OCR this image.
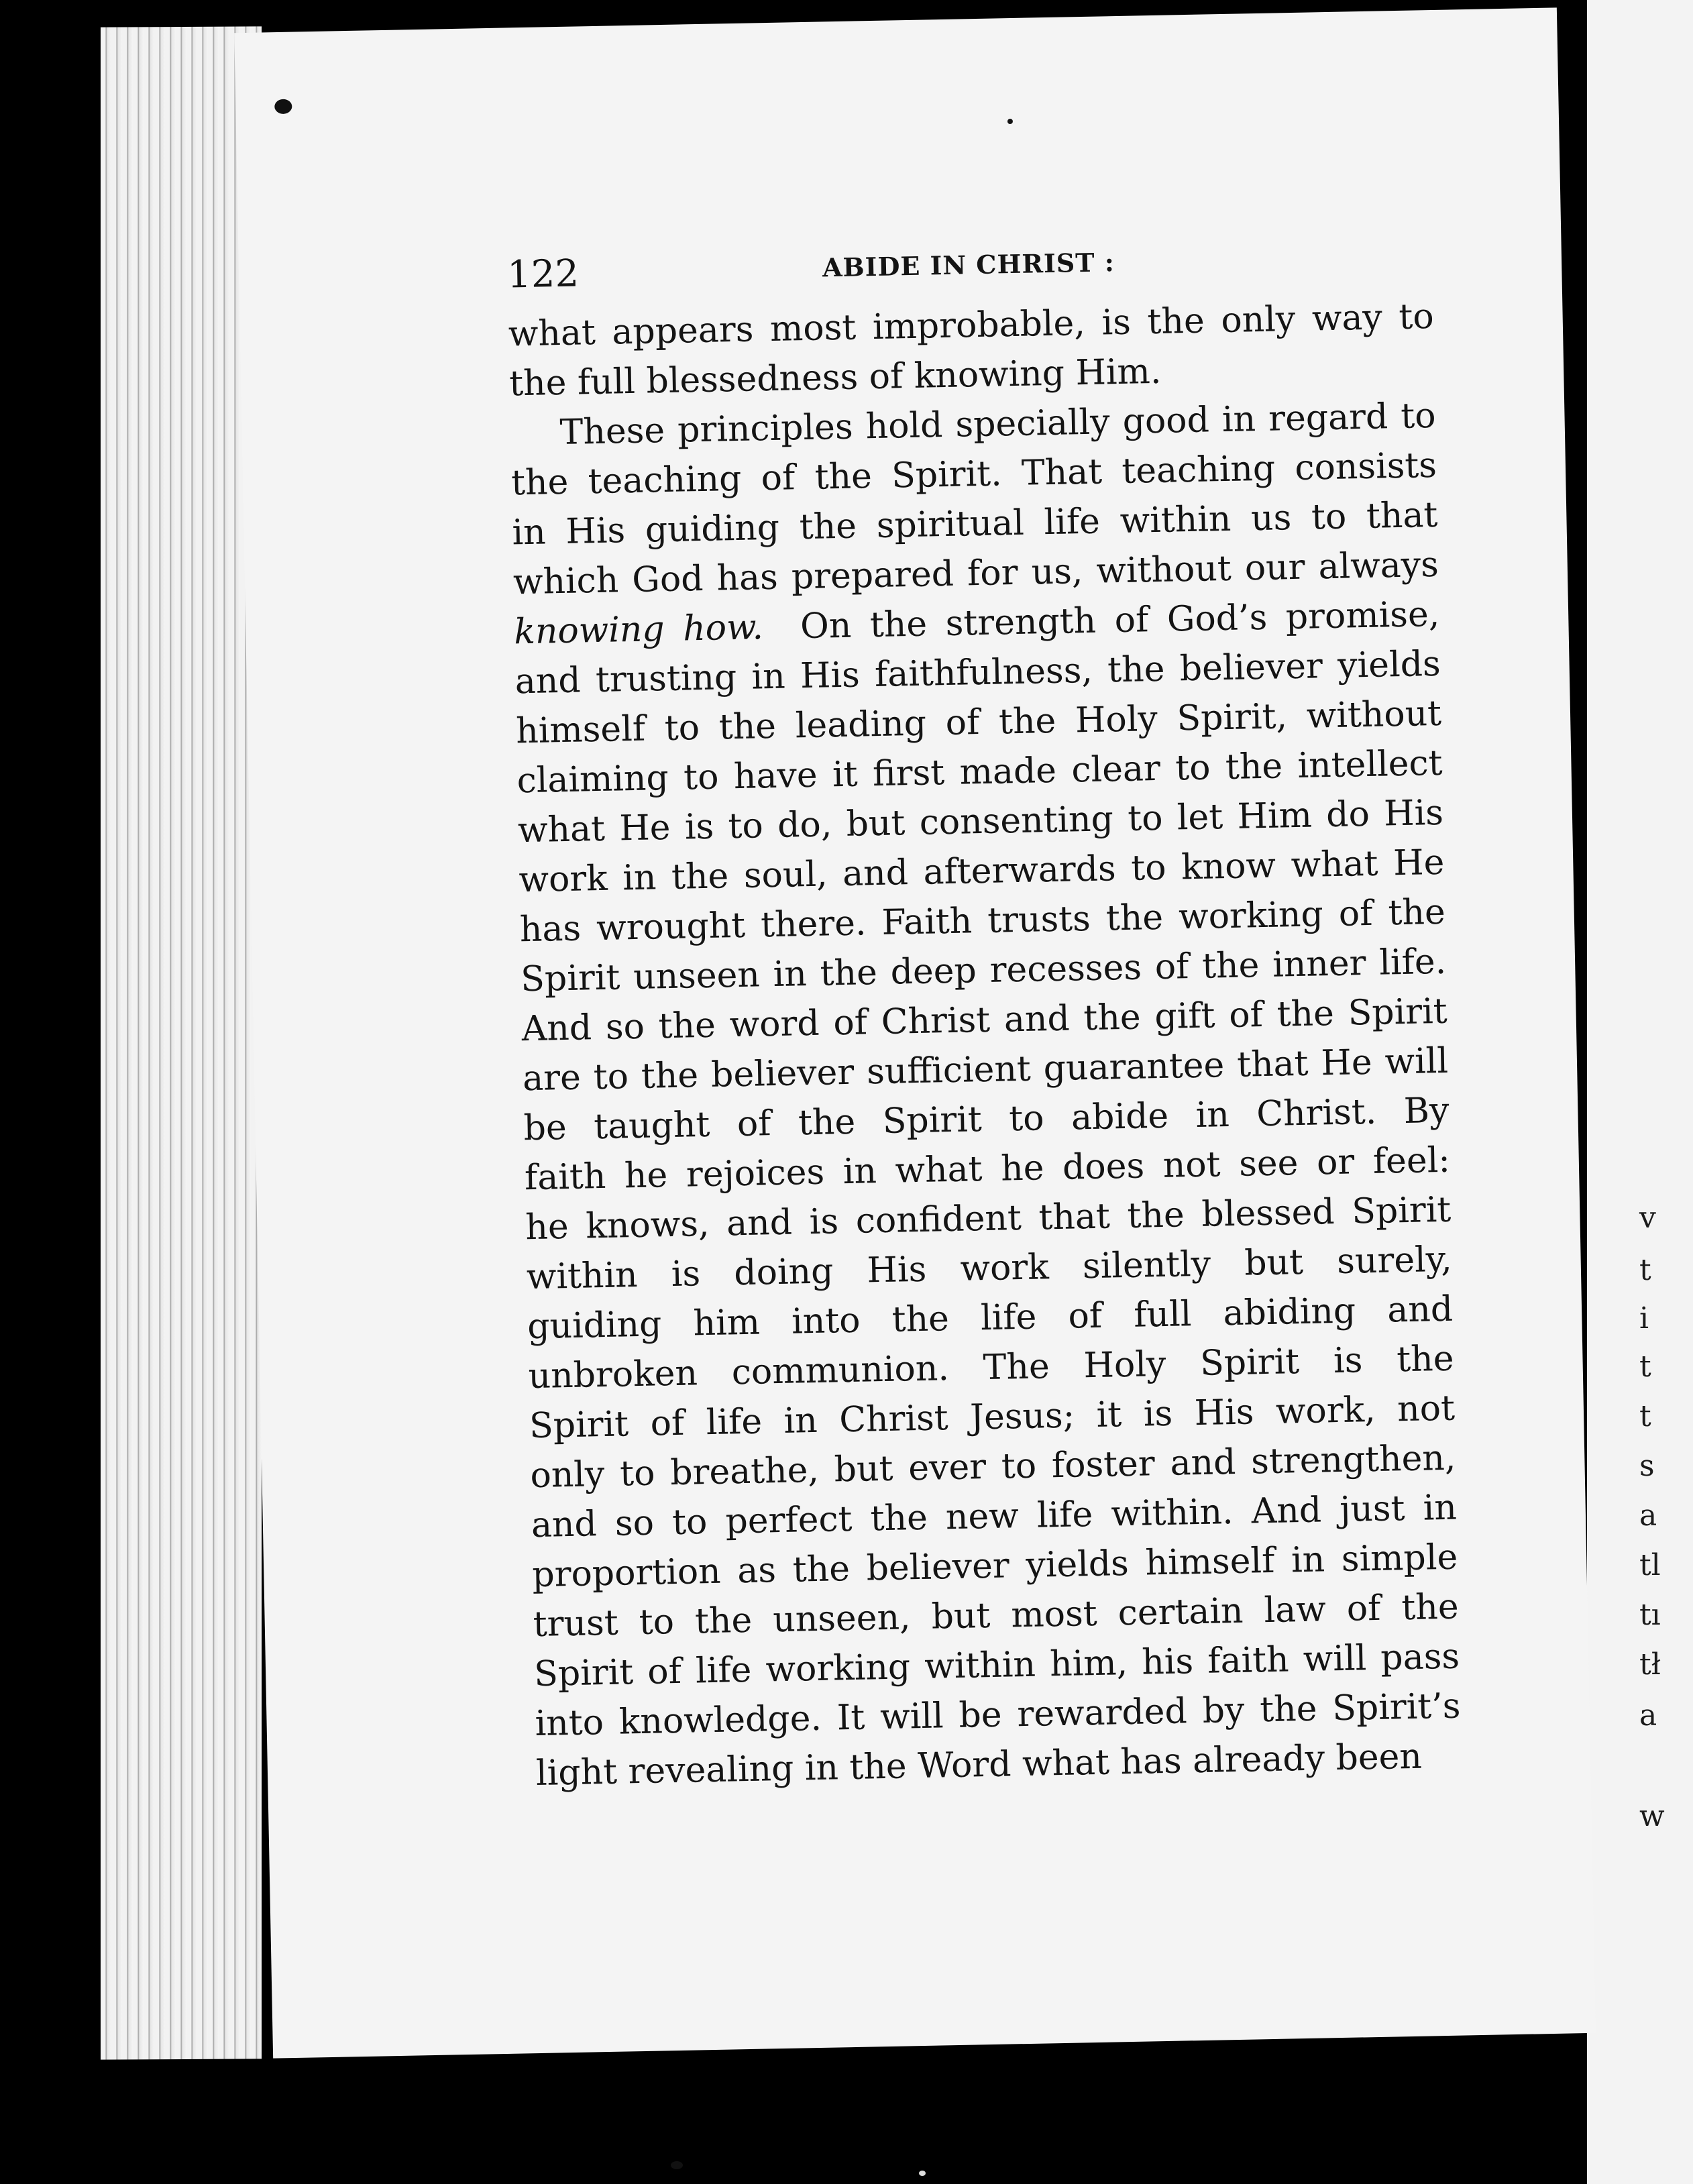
v
t
i
t
t
s
a
tl
tı
tł
a
w
122	ABIDE IN CHRIST :
what appears most improbable, is the only way to
the full blessedness of knowing Him.
These principles hold specially good in regard to
the teaching of the Spirit. That teaching consists
in His guiding the spiritual life within us to that
which God has prepared for us, without our always
knowing how. On the strength of God’s promise,
and trusting in His faithfulness, the believer yields
himself to the leading of the Holy Spirit, without
claiming to have it first made clear to the intellect
what He is to do, but consenting to let Him do His
work in the soul, and afterwards to know what He
has wrought there. Faith trusts the working of the
Spirit unseen in the deep recesses of the inner life.
And so the word of Christ and the gift of the Spirit
are to the believer sufficient guarantee that He will
be taught of the Spirit to abide in Christ. By
faith he rejoices in what he does not see or feel:
he knows, and is confident that the blessed Spirit
within is doing His work silently but surely,
guiding him into the life of full abiding and
unbroken communion. The Holy Spirit is the
Spirit of life in Christ Jesus; it is His work, not
only to breathe, but ever to foster and strengthen,
and so to perfect the new life within. And just in
proportion as the believer yields himself in simple
trust to the unseen, but most certain law of the
Spirit of life working within him, his faith will pass
into knowledge. It will be rewarded by the Spirit’s
light revealing in the Word what has already been
